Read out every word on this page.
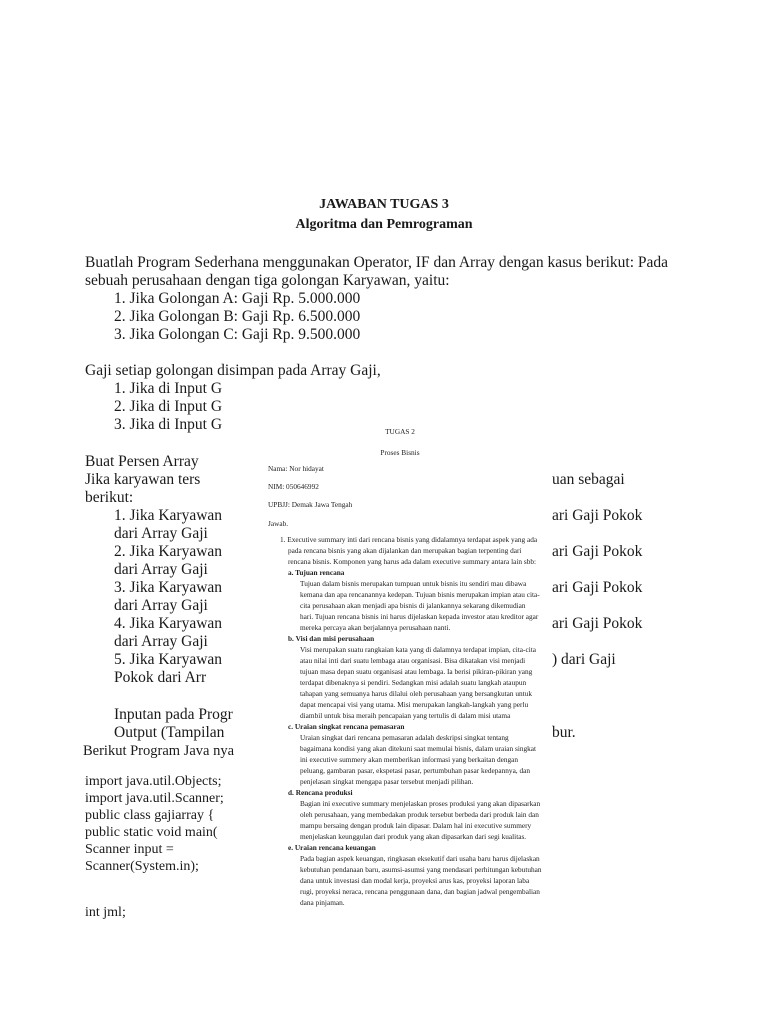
JAWABAN TUGAS 3
Algoritma dan Pemrograman
Buatlah Program Sederhana menggunakan Operator, IF dan Array dengan kasus berikut: Pada
sebuah perusahaan dengan tiga golongan Karyawan, yaitu:
1. Jika Golongan A: Gaji Rp. 5.000.000
2. Jika Golongan B: Gaji Rp. 6.500.000
3. Jika Golongan C: Gaji Rp. 9.500.000
Gaji setiap golongan disimpan pada Array Gaji,
1. Jika di Input G
2. Jika di Input G
3. Jika di Input G
Buat Persen Array
Jika karyawan ters
berikut:
1. Jika Karyawan
dari Array Gaji
2. Jika Karyawan
dari Array Gaji
3. Jika Karyawan
dari Array Gaji
4. Jika Karyawan
dari Array Gaji
5. Jika Karyawan
Pokok dari Arr
uan sebagai
ari Gaji Pokok
ari Gaji Pokok
ari Gaji Pokok
ari Gaji Pokok
) dari Gaji
bur.
Inputan pada Progr
Output (Tampilan
Berikut Program Java nya
import java.util.Objects;
import java.util.Scanner;
public class gajiarray {
public static void main(
Scanner input =
Scanner(System.in);
int jml;
TUGAS 2
Proses Bisnis
Nama: Nor hidayat
NIM: 050646992
UPBJJ: Demak Jawa Tengah
Jawab.
1. Executive summary inti dari rencana bisnis yang didalamnya terdapat aspek yang ada
pada rencana bisnis yang akan dijalankan dan merupakan bagian terpenting dari
rencana bisnis. Komponen yang harus ada dalam executive summary antara lain sbb:
a. Tujuan rencana
Tujuan dalam bisnis merupakan tumpuan untuk bisnis itu sendiri mau dibawa
kemana dan apa rencanannya kedepan. Tujuan bisnis merupakan impian atau cita-
cita perusahaan akan menjadi apa bisnis di jalankannya sekarang dikemudian
hari. Tujuan rencana bisnis ini harus dijelaskan kepada investor atau kreditor agar
mereka percaya akan berjalannya perusahaan nanti.
b. Visi dan misi perusahaan
Visi merupakan suatu rangkaian kata yang di dalamnya terdapat impian, cita-cita
atau nilai inti dari suatu lembaga atau organisasi. Bisa dikatakan visi menjadi
tujuan masa depan suatu organisasi atau lembaga. Ia berisi pikiran-pikiran yang
terdapat dibenaknya si pendiri. Sedangkan misi adalah suatu langkah ataupun
tahapan yang semuanya harus dilalui oleh perusahaan yang bersangkutan untuk
dapat mencapai visi yang utama. Misi merupakan langkah-langkah yang perlu
diambil untuk bisa meraih pencapaian yang tertulis di dalam misi utama
c. Uraian singkat rencana pemasaran
Uraian singkat dari rencana pemasaran adalah deskripsi singkat tentang
bagaimana kondisi yang akan ditekuni saat memulai bisnis, dalam uraian singkat
ini executive summery akan memberikan informasi yang berkaitan dengan
peluang, gambaran pasar, ekspetasi pasar, pertumbuhan pasar kedepannya, dan
penjelasan singkat mengapa pasar tersebut menjadi pilihan.
d. Rencana produksi
Bagian ini executive summary menjelaskan proses produksi yang akan dipasarkan
oleh perusahaan, yang membedakan produk tersebut berbeda dari produk lain dan
mampu bersaing dengan produk lain dipasar. Dalam hal ini executive summery
menjelaskan keunggulan dari produk yang akan dipasarkan dari segi kualitas.
e. Uraian rencana keuangan
Pada bagian aspek keuangan, ringkasan eksekutif dari usaha baru harus dijelaskan
kebutuhan pendanaan baru, asumsi-asumsi yang mendasari perhitungan kebutuhan
dana untuk investasi dan modal kerja, proyeksi arus kas, proyeksi laporan laba
rugi, proyeksi neraca, rencana penggunaan dana, dan bagian jadwal pengembalian
dana pinjaman.
